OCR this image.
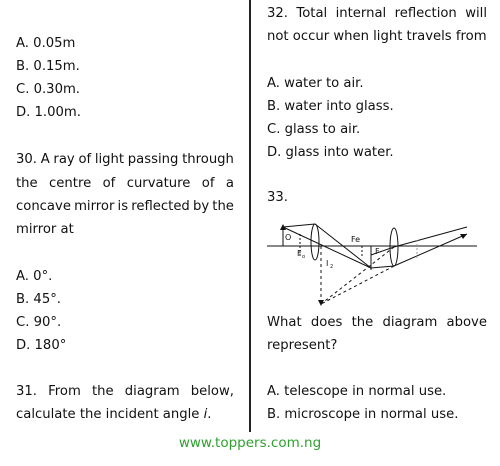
A. 0.05m
B. 0.15m.
C. 0.30m.
D. 1.00m.
30. A ray of light passing through
the centre of curvature of a
concave mirror is reflected by the
mirror at
A. 0°.
B. 45°.
C. 90°.
D. 180°
31. From the diagram below,
calculate the incident angle i.
32. Total internal reflection will
not occur when light travels from
A. water to air.
B. water into glass.
C. glass to air.
D. glass into water.
33.
O
F o
Fe
F
I 2
What does the diagram above
represent?
A. telescope in normal use.
B. microscope in normal use.
www.toppers.com.ng
